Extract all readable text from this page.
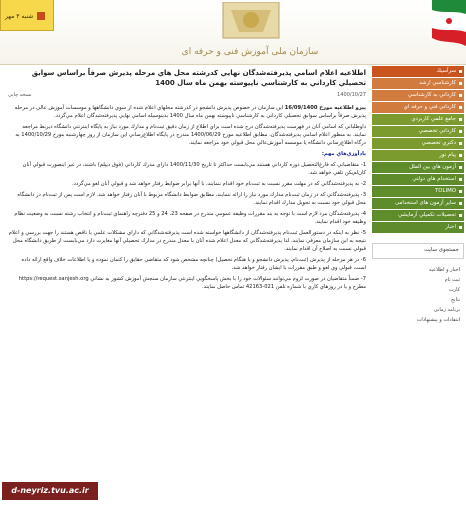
شنبه ۳ مهر
سازمان ملی آموزش فنی و حرفه ای
اطلاعيه اعلام اسامي پذيرفته‌شدگان نهايي كدرشته محل هاي مرحله پذيرش صرفاً براساس سوابق تحصيلي كارداني به كارشناسي ناپيوسته بهمن ماه سال 1400
1400/10/27
نسخه چاپی

پيرو اطلاعيه مورخ 16/09/1400 اين سازمان در خصوص پذيرش دانشجو در كدرشته محلهاي اعلام شده از سوي دانشگاهها و موسسات آموزش عالي در مرحله پذيرش صرفاً براساس سوابق تحصيلي كارداني به كارشناسي ناپيوسته بهمن ماه سال 1400 بدينوسيله اسامي نهايي پذيرفته‌شدگان اعلام مي‌گردد.

داوطلباني كه اسامي آنان در فهرست پذيرفته‌شدگان درج شده است براي اطلاع از زمان دقيق ثبت‌نام و مدارك مورد نياز به پايگاه اينترنتي دانشگاه ذيربط مراجعه نمايند. به منظور اعلام اسامي پذيرفته‌شدگان، مطابق اطلاعيه مورخ 1400/06/29 مندرج در پايگاه اطلاع‌رساني اين سازمان از روز چهارشنبه مورخ 1400/10/29 به درگاه اطلاع‌رساني دانشگاه يا موسسه آموزش‌عالي محل قبولي خود مراجعه نمايند.

يادآوري‌هاي مهم:

1- متقاضياني كه فارغ‌التحصيل دوره كارداني هستند مي‌بايست حداكثر تا تاريخ 1400/11/30 داراي مدرك كارداني (فوق ديپلم) باشند، در غير اينصورت قبولي آنان كان‌لم‌يكن تلقي خواهد شد.

2- به پذيرفته‌شدگاني كه در مهلت مقرر نسبت به ثبت‌نام خود اقدام ننمايند، با آنها برابر ضوابط رفتار خواهد شد و قبولي آنان لغو مي‌گردد.

3- پذيرفته‌شدگاني كه در زمان ثبت‌نام مدارك مورد نياز را ارائه ننمايند، مطابق ضوابط دانشگاه مربوط با آنان رفتار خواهد شد. لازم است پس از ثبت‌نام در دانشگاه محل قبولي خود نسبت به تحويل مدارك اقدام نمايند.

4- پذيرفته‌شدگان مرد لازم است با توجه به بند مقررات وظيفه عمومي مندرج در صفحه 23، 24 و 25 دفترچه راهنماي ثبت‌نام و انتخاب رشته نسبت به وضعيت نظام وظيفه خود اقدام نمايند.

5- نظر به اينكه در دستورالعمل ثبت‌نام پذيرفته‌شدگان از دانشگاهها خواسته شده است پذيرفته‌شدگاني كه داراي مشكلات علمي يا ناقص هستند را جهت بررسي و اعلام نتيجه به اين سازمان معرفي نمايند، لذا پذيرفته‌شدگاني كه معدل اعلام شده آنان با معدل مندرج در مدارك تحصيلي آنها مغايرت دارد مي‌بايست از طريق دانشگاه محل قبولي نسبت به اصلاح آن اقدام نمايند.

6- در هر مرحله از پذيرش (ثبت‌نام، پذيرش دانشجو و يا هنگام تحصيل) چنانچه مشخص شود كه متقاضي حقايق را كتمان نموده و يا اطلاعات خلاف واقع ارائه داده است، قبولي وي لغو و طبق مقررات با ايشان رفتار خواهد شد.

7- ضمناً متقاضيان در صورت لزوم مي‌توانند سئوالات خود را با بخش پاسخگويي اينترنتي سازمان سنجش آموزش كشور به نشاني https://request.sanjesh.org مطرح و يا در روزهاي كاري با شماره تلفن 021-42163 تماس حاصل نمايند.

سرآسيك
كارشناسي ارشد
كارداني به كارشناسي
كارداني فني و حرفه اي
جامع علمي كاربردي
كارداني تخصصي
دكتري تخصصي
پيام نور
آزمون هاي بين الملل
استخدام هاي دولتي
TOLIMO
سایر آزمون های استخدامی
تحصيلات تكميلي آزمايشي
اخبار
جستجوی سایت
اخبار و اطلاعیه
ثبت نام
کارت
نتایج
برنامه زمانی
انتقادات و پیشنهادات
d-neyriz.tvu.ac.ir
